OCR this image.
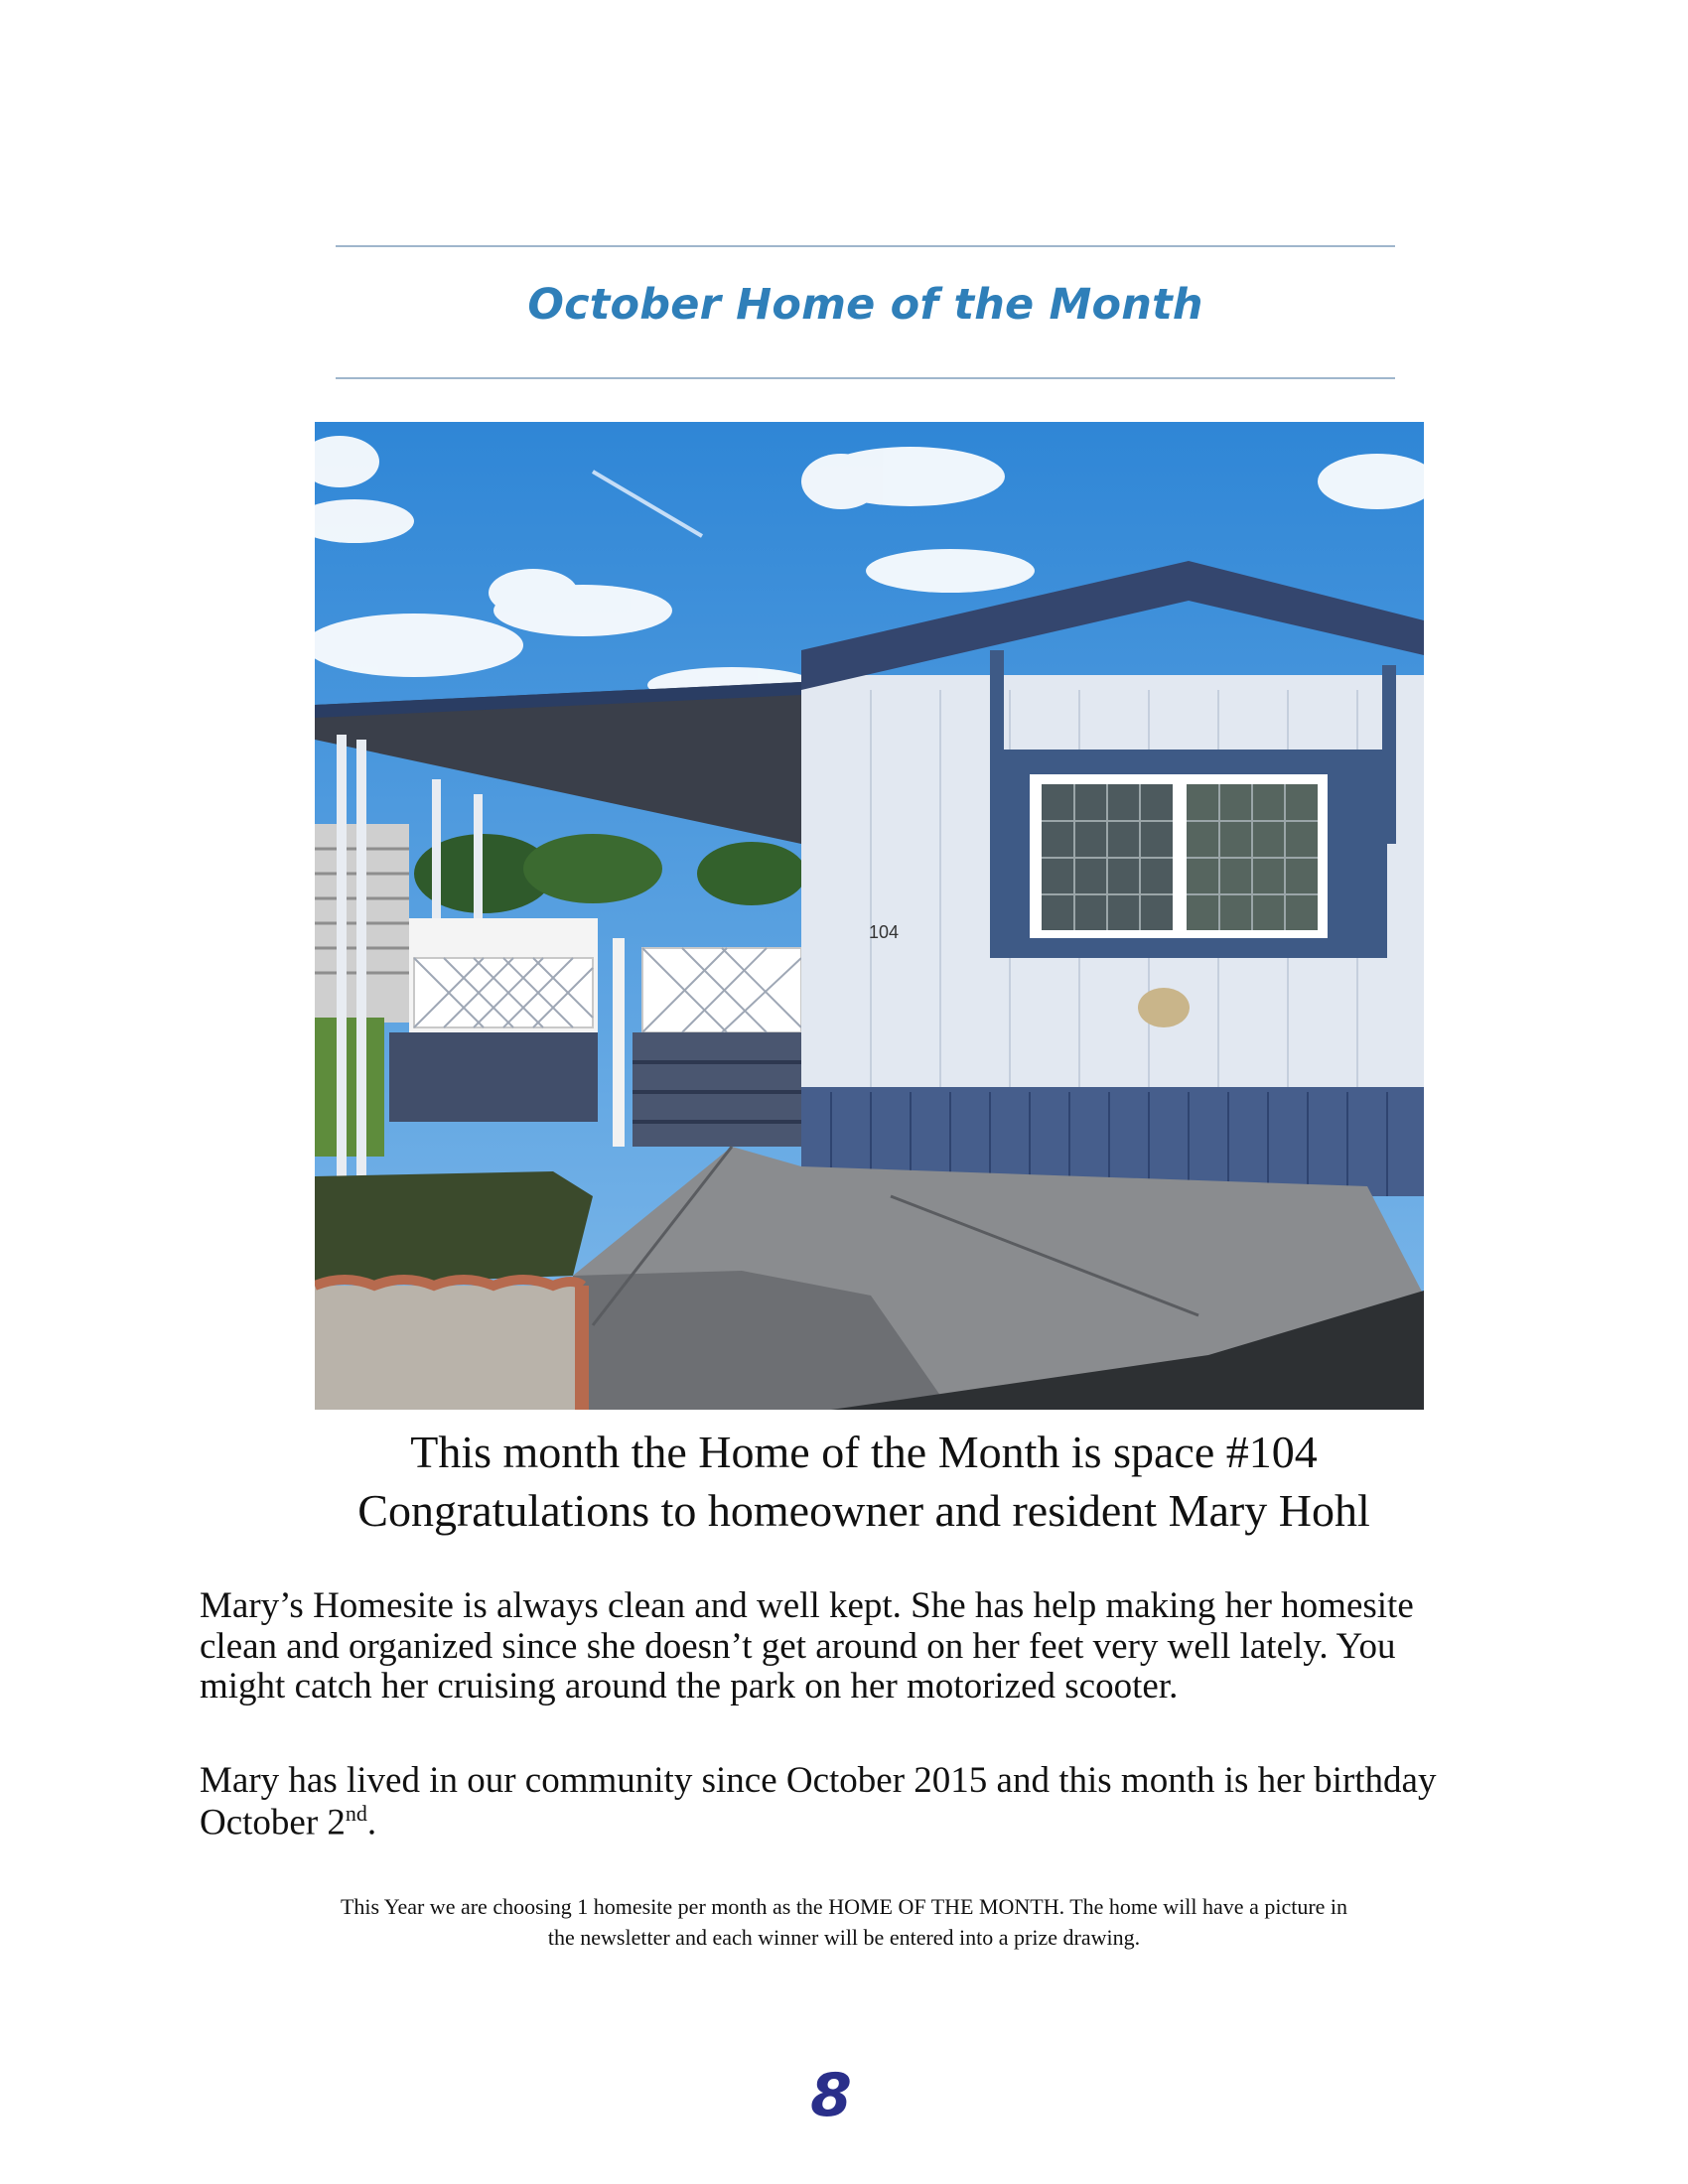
October Home of the Month
104
This month the Home of the Month is space #104
Congratulations to homeowner and resident Mary Hohl
Mary’s Homesite is always clean and well kept. She has help making her homesite clean and organized since she doesn’t get around on her feet very well lately. You might catch her cruising around the park on her motorized scooter.
Mary has lived in our community since October 2015 and this month is her birthday October 2nd.
This Year we are choosing 1 homesite per month as the HOME OF THE MONTH. The home will have a picture in the newsletter and each winner will be entered into a prize drawing.
8
